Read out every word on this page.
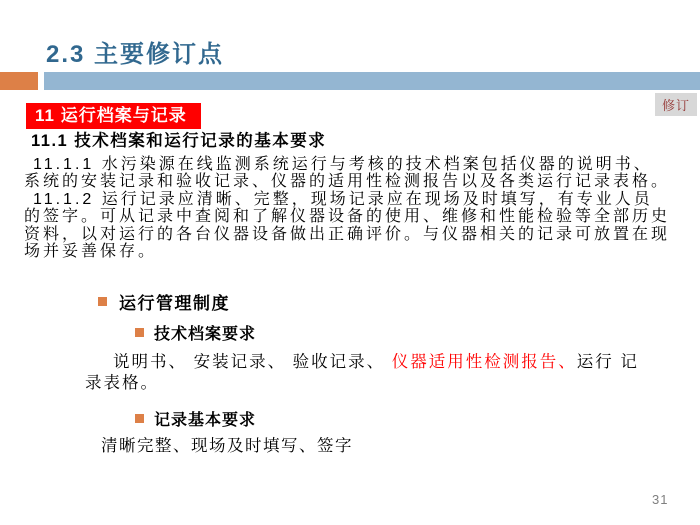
2.3 主要修订点
修订
11 运行档案与记录
11.1 技术档案和运行记录的基本要求
11.1.1 水污染源在线监测系统运行与考核的技术档案包括仪器的说明书、
系统的安装记录和验收记录、仪器的适用性检测报告以及各类运行记录表格。
11.1.2 运行记录应清晰、完整，现场记录应在现场及时填写，有专业人员
的签字。可从记录中查阅和了解仪器设备的使用、维修和性能检验等全部历史
资料，以对运行的各台仪器设备做出正确评价。与仪器相关的记录可放置在现
场并妥善保存。
运行管理制度
技术档案要求
说明书、 安装记录、 验收记录、 仪器适用性检测报告、运行 记
录表格。
记录基本要求
清晰完整、现场及时填写、签字
31
